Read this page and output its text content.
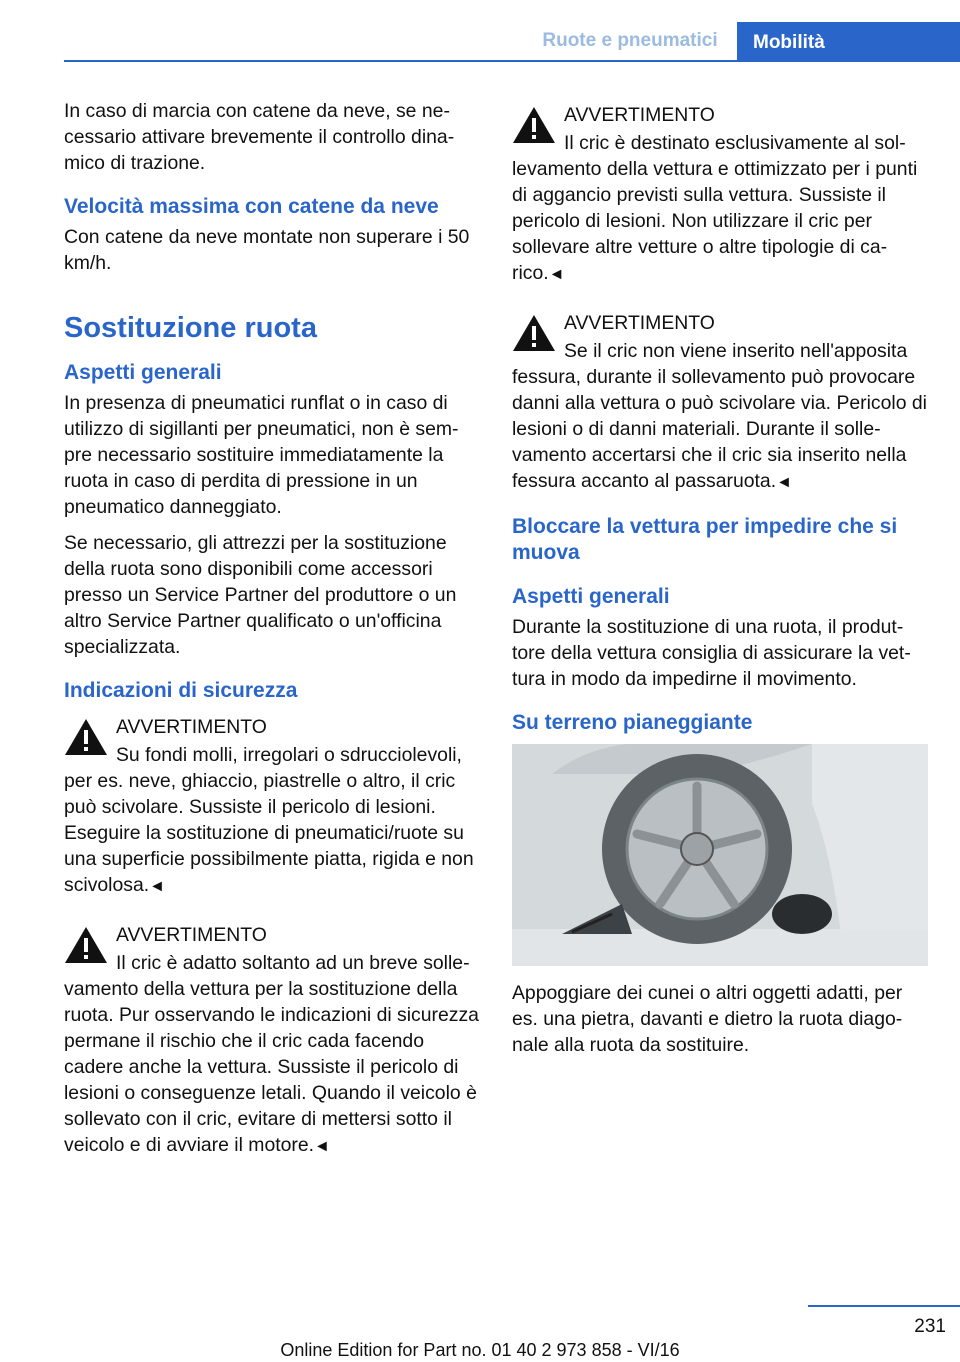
Ruote e pneumatici	Mobilità

In caso di marcia con catene da neve, se necessario attivare brevemente il controllo dinamico di trazione.

Velocità massima con catene da neve

Con catene da neve montate non superare i 50 km/h.

Sostituzione ruota
Aspetti generali

In presenza di pneumatici runflat o in caso di utilizzo di sigillanti per pneumatici, non è sempre necessario sostituire immediatamente la ruota in caso di perdita di pressione in un pneumatico danneggiato.

Se necessario, gli attrezzi per la sostituzione della ruota sono disponibili come accessori presso un Service Partner del produttore o un altro Service Partner qualificato o un'officina specializzata.

Indicazioni di sicurezza
AVVERTIMENTO
Su fondi molli, irregolari o sdrucciolevoli, per es. neve, ghiaccio, piastrelle o altro, il cric può scivolare. Sussiste il pericolo di lesioni. Eseguire la sostituzione di pneumatici/ruote su una superficie possibilmente piatta, rigida e non scivolosa.◄
AVVERTIMENTO
Il cric è adatto soltanto ad un breve sollevamento della vettura per la sostituzione della ruota. Pur osservando le indicazioni di sicurezza permane il rischio che il cric cada facendo cadere anche la vettura. Sussiste il pericolo di lesioni o conseguenze letali. Quando il veicolo è sollevato con il cric, evitare di mettersi sotto il veicolo e di avviare il motore.◄
AVVERTIMENTO
Il cric è destinato esclusivamente al sollevamento della vettura e ottimizzato per i punti di aggancio previsti sulla vettura. Sussiste il pericolo di lesioni. Non utilizzare il cric per sollevare altre vetture o altre tipologie di carico.◄
AVVERTIMENTO
Se il cric non viene inserito nell'apposita fessura, durante il sollevamento può provocare danni alla vettura o può scivolare via. Pericolo di lesioni o di danni materiali. Durante il sollevamento accertarsi che il cric sia inserito nella fessura accanto al passaruota.◄
Bloccare la vettura per impedire che si muova
Aspetti generali

Durante la sostituzione di una ruota, il produttore della vettura consiglia di assicurare la vettura in modo da impedirne il movimento.

Su terreno pianeggiante

Appoggiare dei cunei o altri oggetti adatti, per es. una pietra, davanti e dietro la ruota diagonale alla ruota da sostituire.

231
Online Edition for Part no. 01 40 2 973 858 - VI/16
